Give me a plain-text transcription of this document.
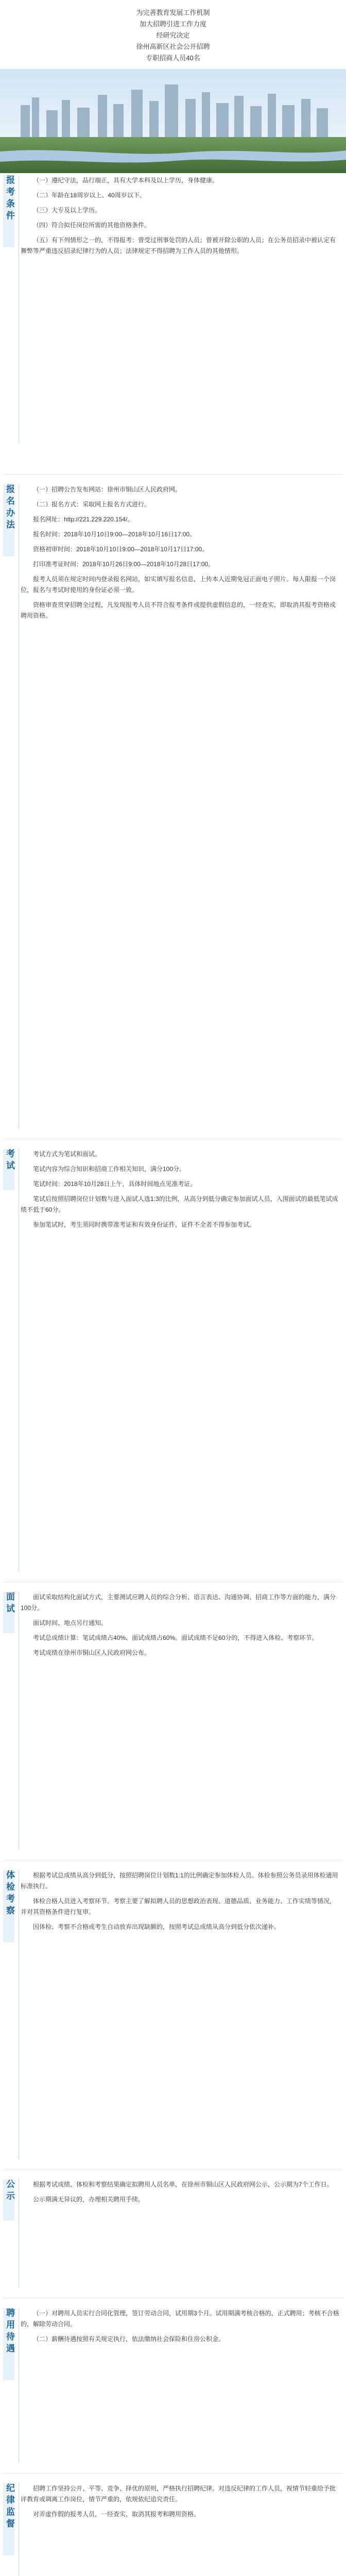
为完善教育发展工作机制
加大招聘引进工作力度
经研究决定
徐州高新区社会公开招聘
专职招商人员40名
报考条件	（一）遵纪守法，品行端正，具有大学本科及以上学历，身体健康。

（二）年龄在18周岁以上、40周岁以下。

（三）大专及以上学历。

（四）符合拟任岗位所需的其他资格条件。

（五）有下列情形之一的，不得报考：曾受过刑事处罚的人员；曾被开除公职的人员；在公务员招录中被认定有舞弊等严重违反招录纪律行为的人员；法律规定不得招聘为工作人员的其他情形。

报名办法	（一）招聘公告发布网站：徐州市铜山区人民政府网。

（二）报名方式：采取网上报名方式进行。

报名网址：http://221.229.220.154/。

报名时间：2018年10月10日9:00—2018年10月16日17:00。

资格初审时间：2018年10月10日9:00—2018年10月17日17:00。

打印准考证时间：2018年10月26日9:00—2018年10月28日17:00。

报考人员须在规定时间内登录报名网站，如实填写报名信息，上传本人近期免冠正面电子照片。每人限报一个岗位，报名与考试时使用的身份证必须一致。

资格审查贯穿招聘全过程，凡发现报考人员不符合报考条件或提供虚假信息的，一经查实，即取消其报考资格或聘用资格。

考试	考试方式为笔试和面试。

笔试内容为综合知识和招商工作相关知识，满分100分。

笔试时间：2018年10月28日上午，具体时间地点见准考证。

笔试后按照招聘岗位计划数与进入面试人选1:3的比例，从高分到低分确定参加面试人员，入围面试的最低笔试成绩不低于60分。

参加笔试时，考生须同时携带准考证和有效身份证件，证件不全者不得参加考试。

面试	面试采取结构化面试方式，主要测试应聘人员的综合分析、语言表达、沟通协调、招商工作等方面的能力，满分100分。

面试时间、地点另行通知。

考试总成绩计算：笔试成绩占40%、面试成绩占60%。面试成绩不足60分的，不得进入体检、考察环节。

考试成绩在徐州市铜山区人民政府网公布。

体检考察	根据考试总成绩从高分到低分，按照招聘岗位计划数1:1的比例确定参加体检人员。体检参照公务员录用体检通用标准执行。

体检合格人员进入考察环节。考察主要了解拟聘人员的思想政治表现、道德品质、业务能力、工作实绩等情况，并对其资格条件进行复审。

因体检、考察不合格或考生自动放弃出现缺额的，按照考试总成绩从高分到低分依次递补。

公示	根据考试成绩、体检和考察结果确定拟聘用人员名单，在徐州市铜山区人民政府网公示，公示期为7个工作日。

公示期满无异议的，办理相关聘用手续。

聘用待遇	（一）对聘用人员实行合同化管理，签订劳动合同，试用期3个月。试用期满考核合格的，正式聘用；考核不合格的，解除劳动合同。

（二）薪酬待遇按照有关规定执行，依法缴纳社会保险和住房公积金。

纪律监督	招聘工作坚持公开、平等、竞争、择优的原则，严格执行招聘纪律。对违反纪律的工作人员，视情节轻重给予批评教育或调离工作岗位，情节严重的，依规依纪追究责任。

对弄虚作假的报考人员，一经查实，取消其报考和聘用资格。
